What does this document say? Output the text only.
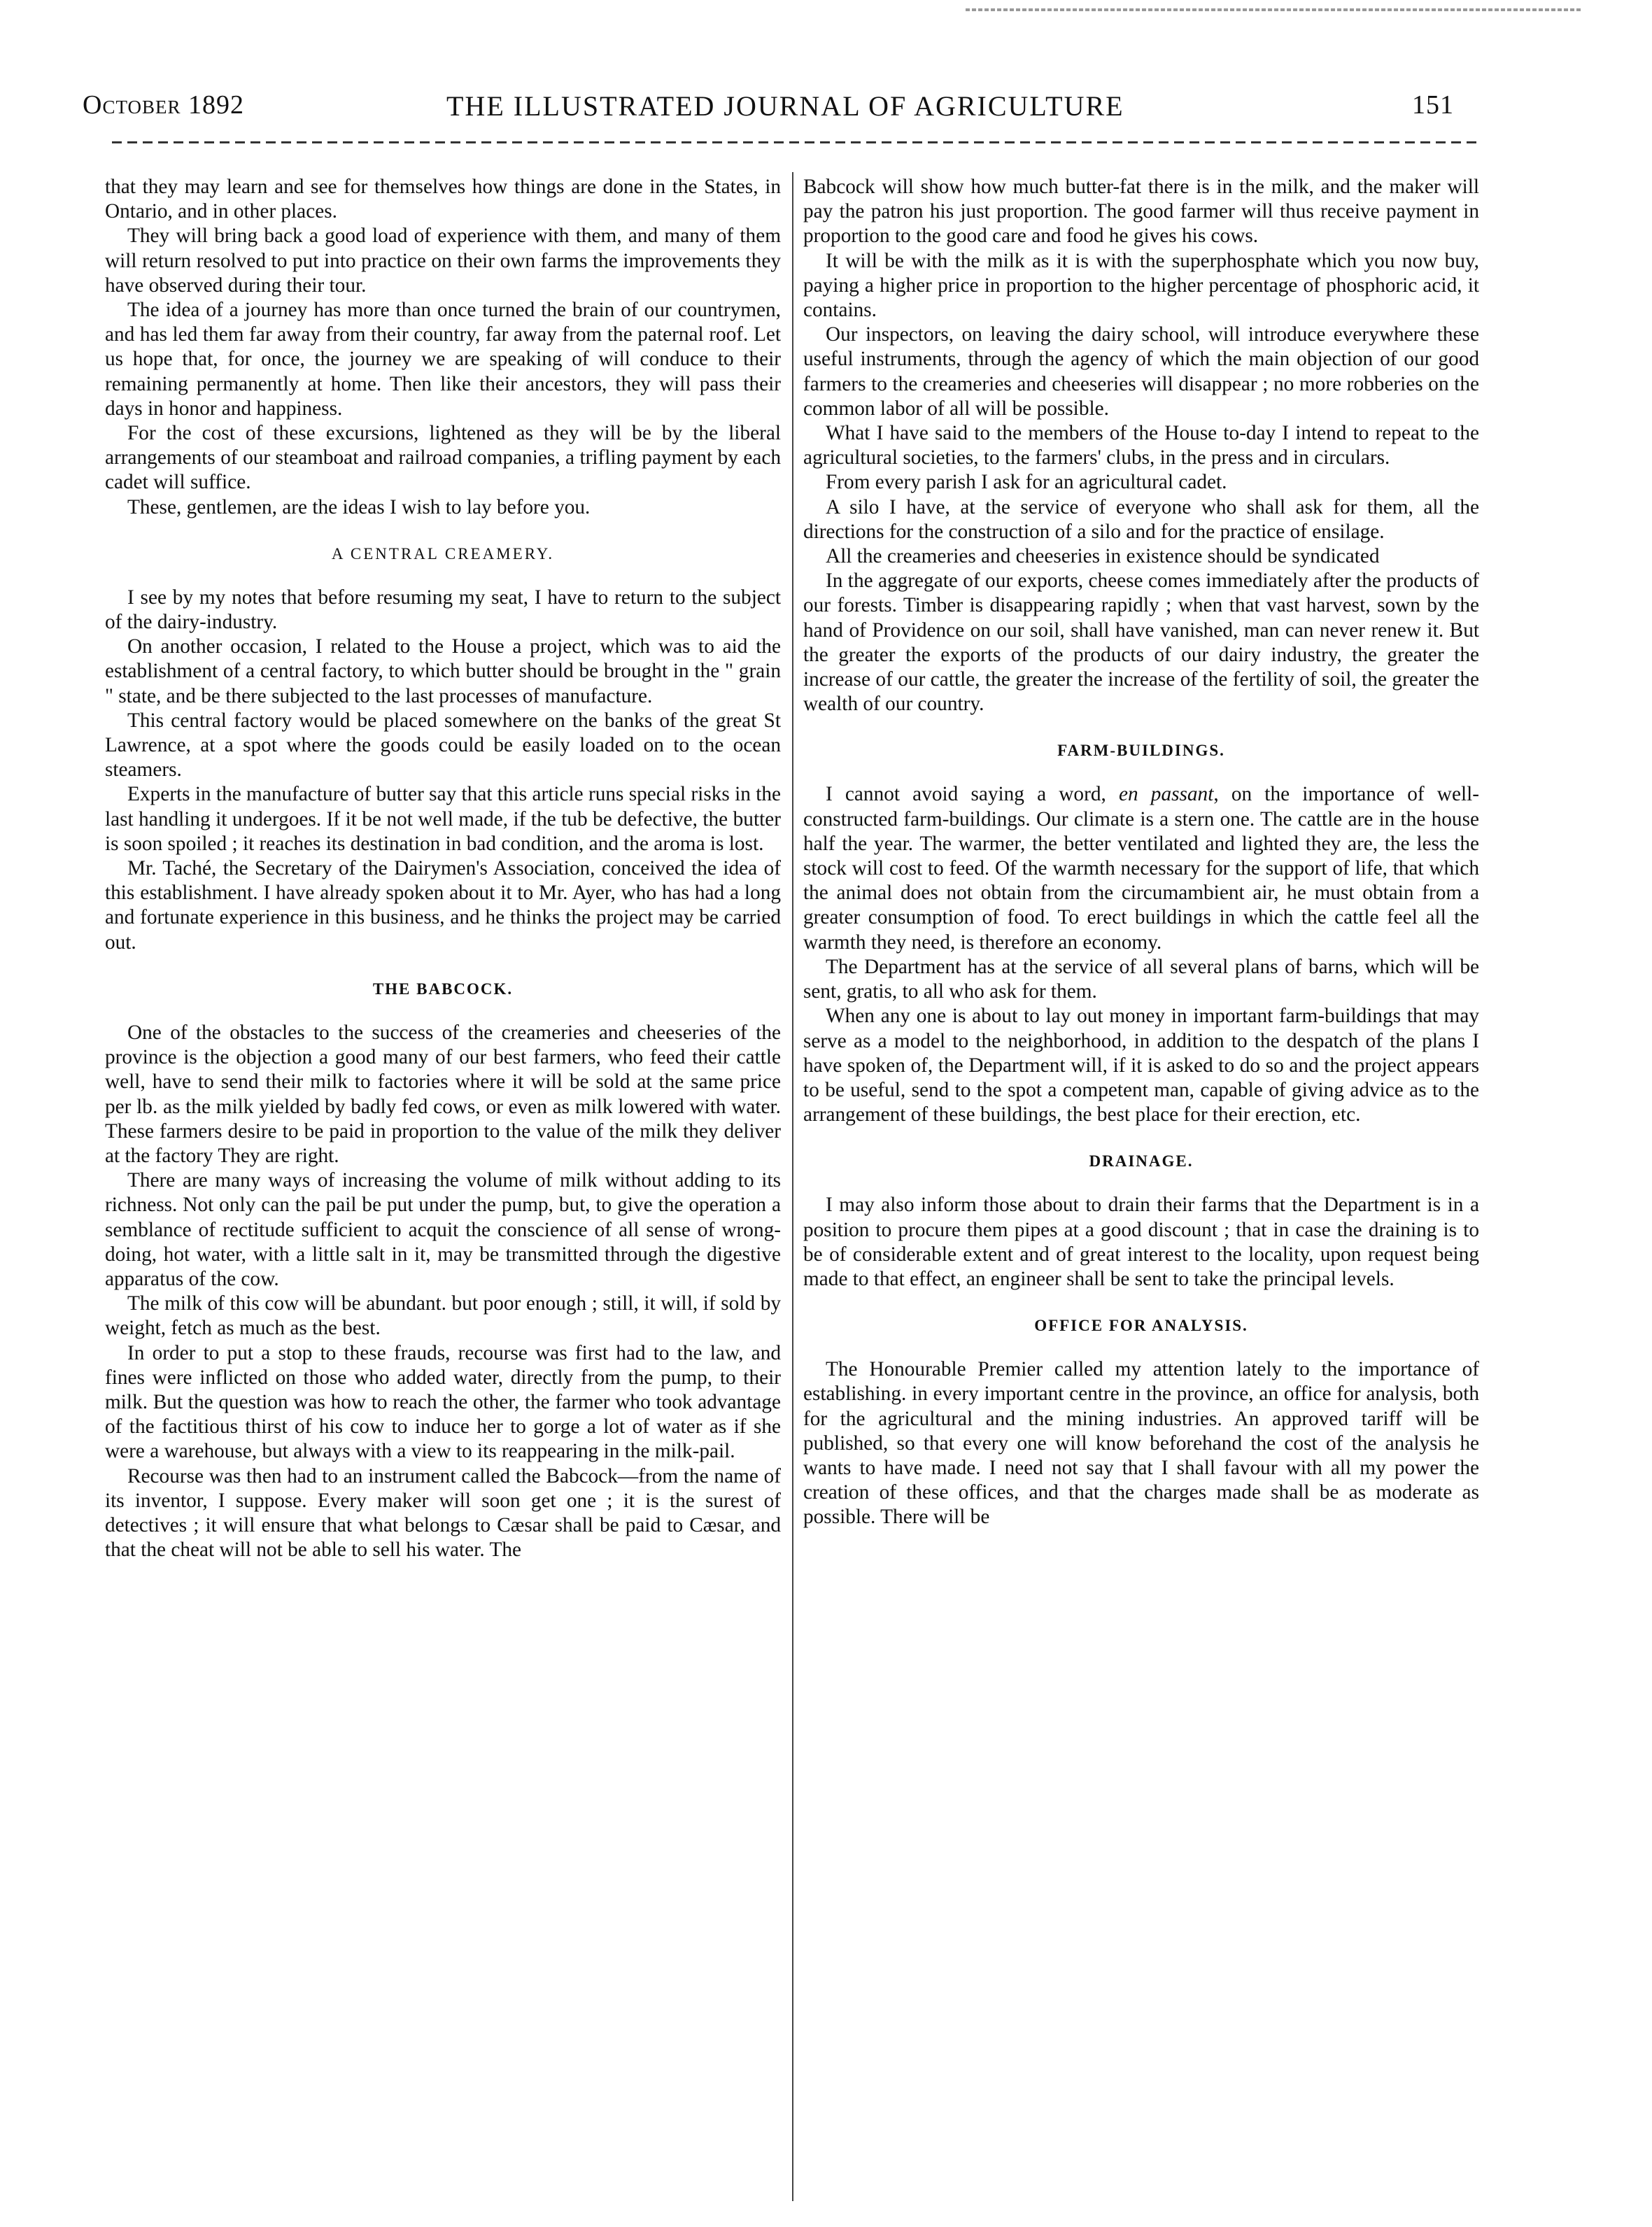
October 1892	THE ILLUSTRATED JOURNAL OF AGRICULTURE	151

that they may learn and see for themselves how things are done in the States, in Ontario, and in other places.

They will bring back a good load of experience with them, and many of them will return resolved to put into practice on their own farms the improvements they have observed during their tour.

The idea of a journey has more than once turned the brain of our countrymen, and has led them far away from their country, far away from the paternal roof. Let us hope that, for once, the journey we are speaking of will conduce to their remaining permanently at home. Then like their ancestors, they will pass their days in honor and happiness.

For the cost of these excursions, lightened as they will be by the liberal arrangements of our steamboat and railroad companies, a trifling payment by each cadet will suffice.

These, gentlemen, are the ideas I wish to lay before you.

A CENTRAL CREAMERY.

I see by my notes that before resuming my seat, I have to return to the subject of the dairy-industry.

On another occasion, I related to the House a project, which was to aid the establishment of a central factory, to which butter should be brought in the " grain " state, and be there subjected to the last processes of manufacture.

This central factory would be placed somewhere on the banks of the great St Lawrence, at a spot where the goods could be easily loaded on to the ocean steamers.

Experts in the manufacture of butter say that this article runs special risks in the last handling it undergoes. If it be not well made, if the tub be defective, the butter is soon spoiled ; it reaches its destination in bad condition, and the aroma is lost.

Mr. Taché, the Secretary of the Dairymen's Association, conceived the idea of this establishment. I have already spoken about it to Mr. Ayer, who has had a long and fortunate experience in this business, and he thinks the project may be carried out.

THE BABCOCK.

One of the obstacles to the success of the creameries and cheeseries of the province is the objection a good many of our best farmers, who feed their cattle well, have to send their milk to factories where it will be sold at the same price per lb. as the milk yielded by badly fed cows, or even as milk lowered with water. These farmers desire to be paid in proportion to the value of the milk they deliver at the factory They are right.

There are many ways of increasing the volume of milk without adding to its richness. Not only can the pail be put under the pump, but, to give the operation a semblance of rectitude sufficient to acquit the conscience of all sense of wrong-doing, hot water, with a little salt in it, may be transmitted through the digestive apparatus of the cow.

The milk of this cow will be abundant. but poor enough ; still, it will, if sold by weight, fetch as much as the best.

In order to put a stop to these frauds, recourse was first had to the law, and fines were inflicted on those who added water, directly from the pump, to their milk. But the question was how to reach the other, the farmer who took advantage of the factitious thirst of his cow to induce her to gorge a lot of water as if she were a warehouse, but always with a view to its reappearing in the milk-pail.

Recourse was then had to an instrument called the Babcock—from the name of its inventor, I suppose. Every maker will soon get one ; it is the surest of detectives ; it will ensure that what belongs to Cæsar shall be paid to Cæsar, and that the cheat will not be able to sell his water. The

Babcock will show how much butter-fat there is in the milk, and the maker will pay the patron his just proportion. The good farmer will thus receive payment in proportion to the good care and food he gives his cows.

It will be with the milk as it is with the superphosphate which you now buy, paying a higher price in proportion to the higher percentage of phosphoric acid, it contains.

Our inspectors, on leaving the dairy school, will introduce everywhere these useful instruments, through the agency of which the main objection of our good farmers to the creameries and cheeseries will disappear ; no more robberies on the common labor of all will be possible.

What I have said to the members of the House to-day I intend to repeat to the agricultural societies, to the farmers' clubs, in the press and in circulars.

From every parish I ask for an agricultural cadet.

A silo I have, at the service of everyone who shall ask for them, all the directions for the construction of a silo and for the practice of ensilage.

All the creameries and cheeseries in existence should be syndicated

In the aggregate of our exports, cheese comes immediately after the products of our forests. Timber is disappearing rapidly ; when that vast harvest, sown by the hand of Providence on our soil, shall have vanished, man can never renew it. But the greater the exports of the products of our dairy industry, the greater the increase of our cattle, the greater the increase of the fertility of soil, the greater the wealth of our country.

FARM-BUILDINGS.

I cannot avoid saying a word, en passant, on the importance of well-constructed farm-buildings. Our climate is a stern one. The cattle are in the house half the year. The warmer, the better ventilated and lighted they are, the less the stock will cost to feed. Of the warmth necessary for the support of life, that which the animal does not obtain from the circumambient air, he must obtain from a greater consumption of food. To erect buildings in which the cattle feel all the warmth they need, is therefore an economy.

The Department has at the service of all several plans of barns, which will be sent, gratis, to all who ask for them.

When any one is about to lay out money in important farm-buildings that may serve as a model to the neighborhood, in addition to the despatch of the plans I have spoken of, the Department will, if it is asked to do so and the project appears to be useful, send to the spot a competent man, capable of giving advice as to the arrangement of these buildings, the best place for their erection, etc.

DRAINAGE.

I may also inform those about to drain their farms that the Department is in a position to procure them pipes at a good discount ; that in case the draining is to be of considerable extent and of great interest to the locality, upon request being made to that effect, an engineer shall be sent to take the principal levels.

OFFICE FOR ANALYSIS.

The Honourable Premier called my attention lately to the importance of establishing. in every important centre in the province, an office for analysis, both for the agricultural and the mining industries. An approved tariff will be published, so that every one will know beforehand the cost of the analysis he wants to have made. I need not say that I shall favour with all my power the creation of these offices, and that the charges made shall be as moderate as possible. There will be
